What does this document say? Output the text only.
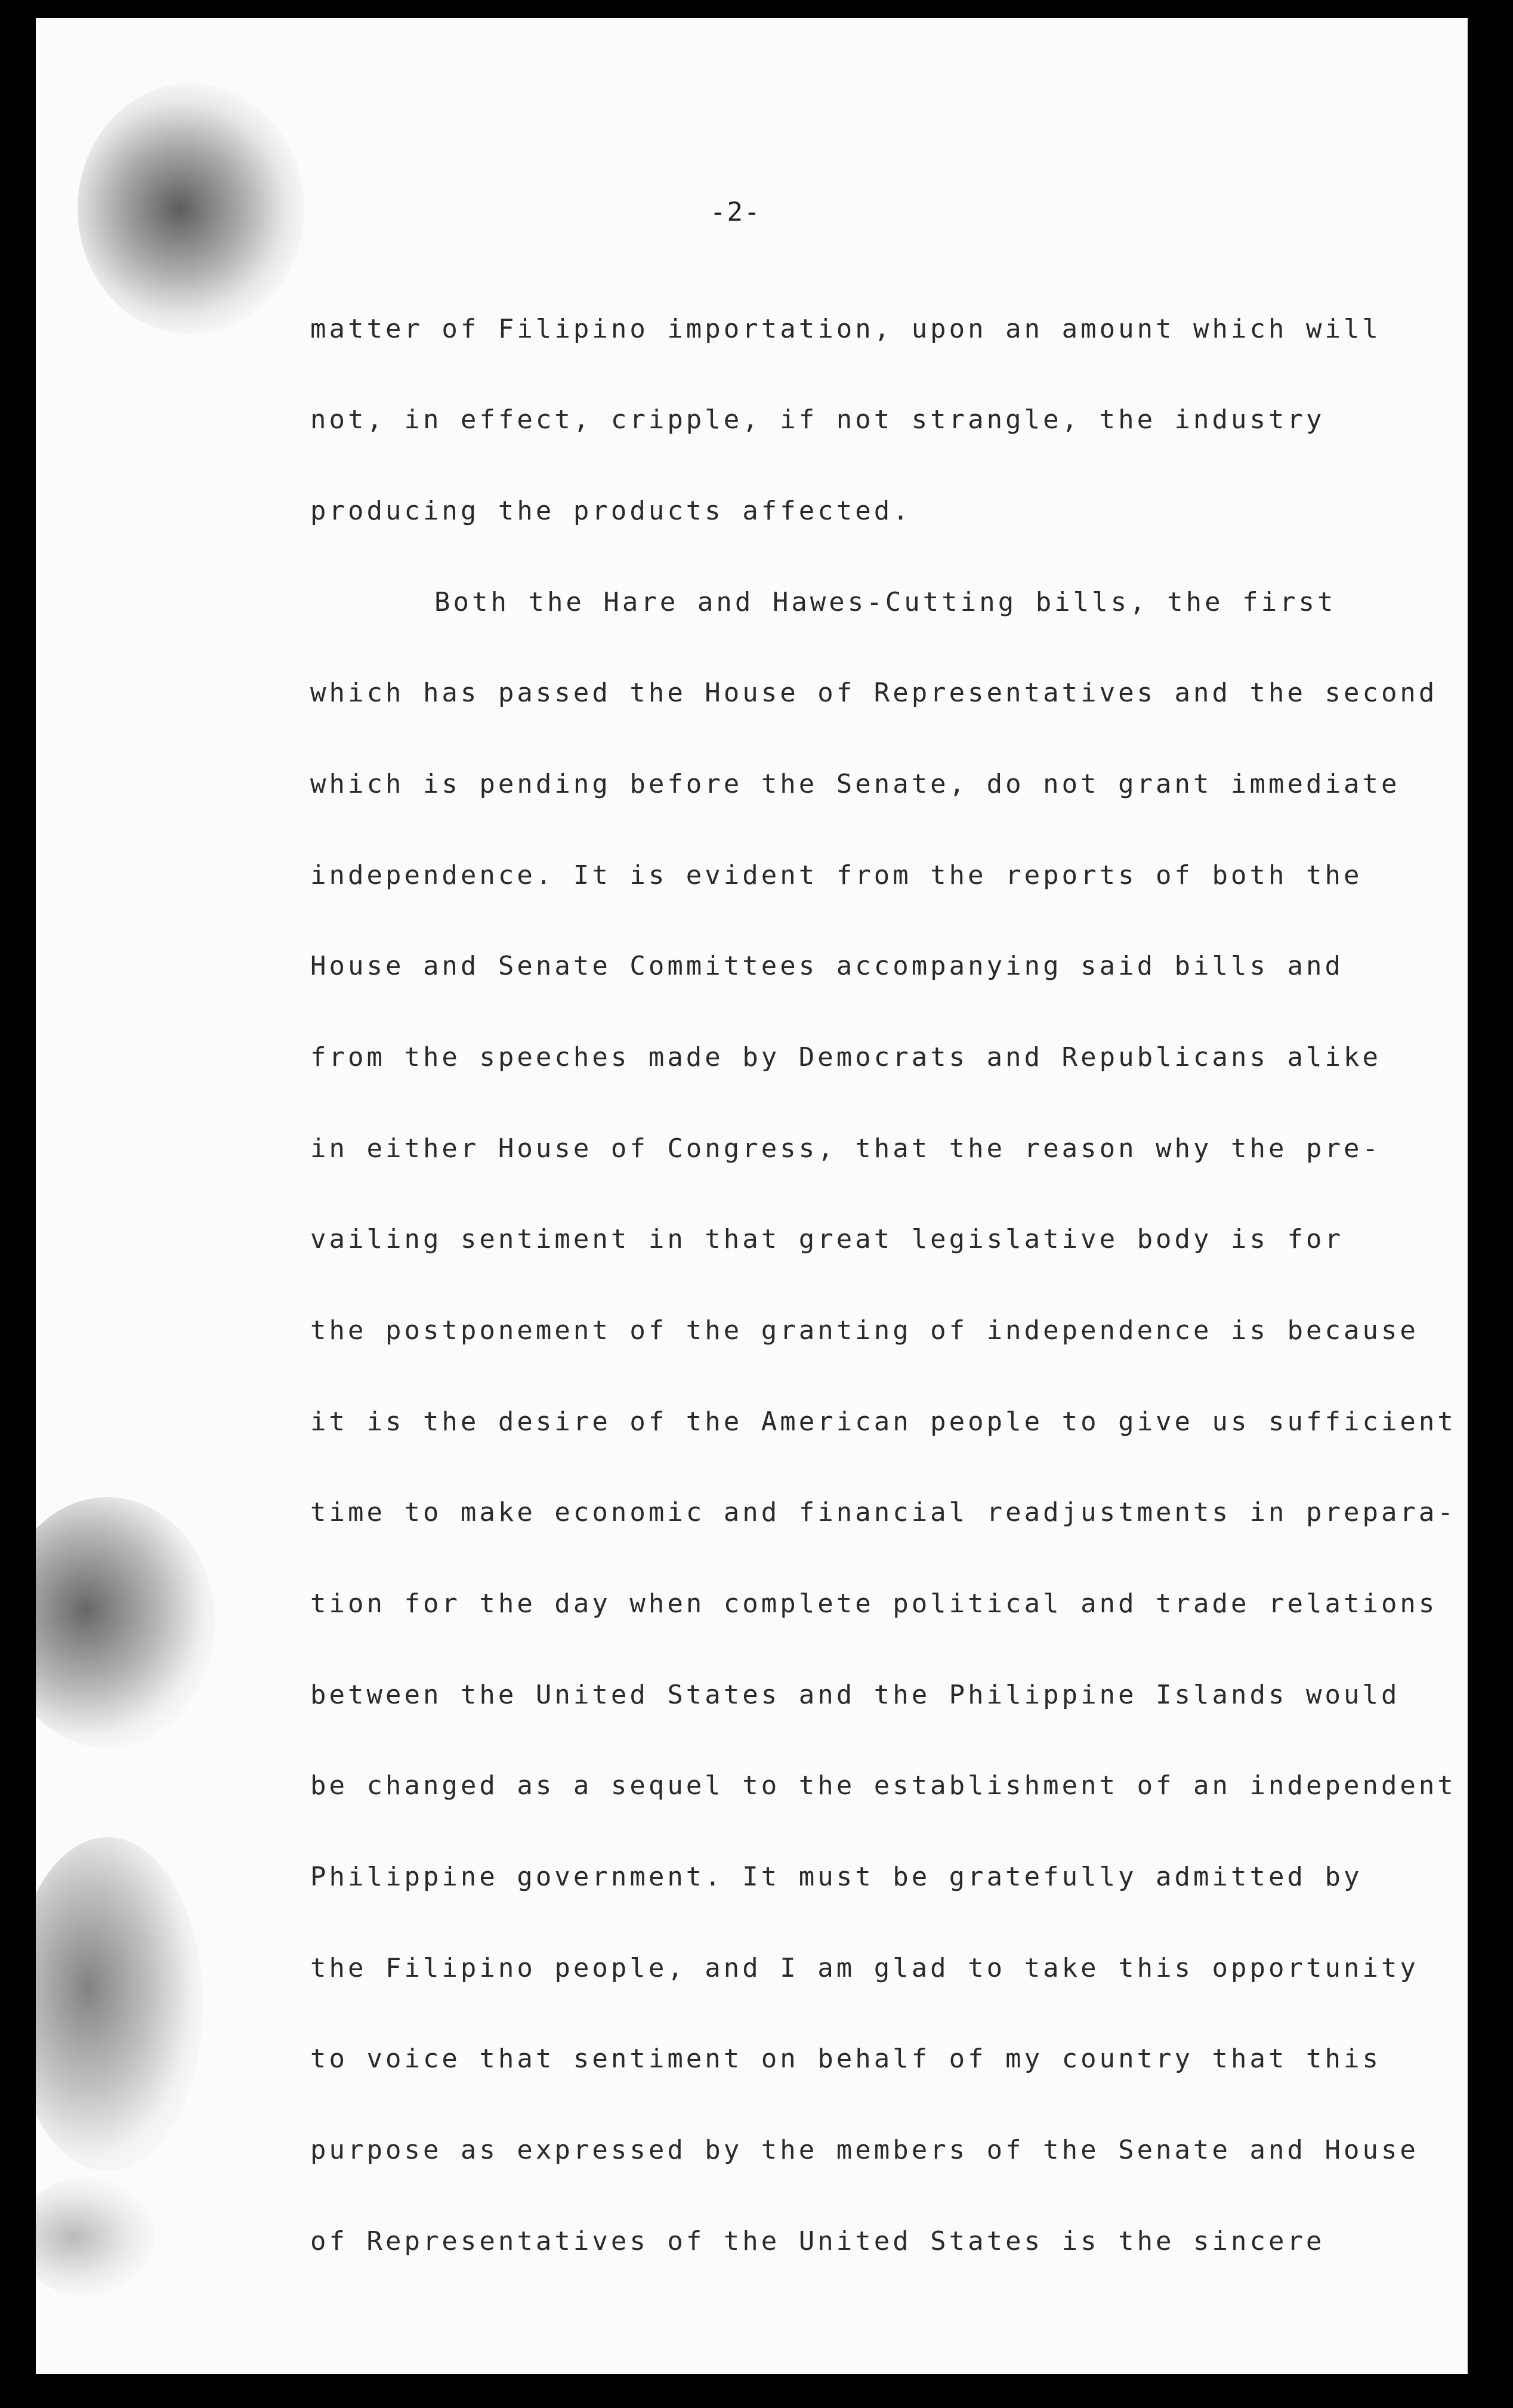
-2-
matter of Filipino importation, upon an amount which will
not, in effect, cripple, if not strangle, the industry
producing the products affected.
Both the Hare and Hawes-Cutting bills, the first
which has passed the House of Representatives and the second
which is pending before the Senate, do not grant immediate
independence. It is evident from the reports of both the
House and Senate Committees accompanying said bills and
from the speeches made by Democrats and Republicans alike
in either House of Congress, that the reason why the pre-
vailing sentiment in that great legislative body is for
the postponement of the granting of independence is because
it is the desire of the American people to give us sufficient
time to make economic and financial readjustments in prepara-
tion for the day when complete political and trade relations
between the United States and the Philippine Islands would
be changed as a sequel to the establishment of an independent
Philippine government. It must be gratefully admitted by
the Filipino people, and I am glad to take this opportunity
to voice that sentiment on behalf of my country that this
purpose as expressed by the members of the Senate and House
of Representatives of the United States is the sincere
